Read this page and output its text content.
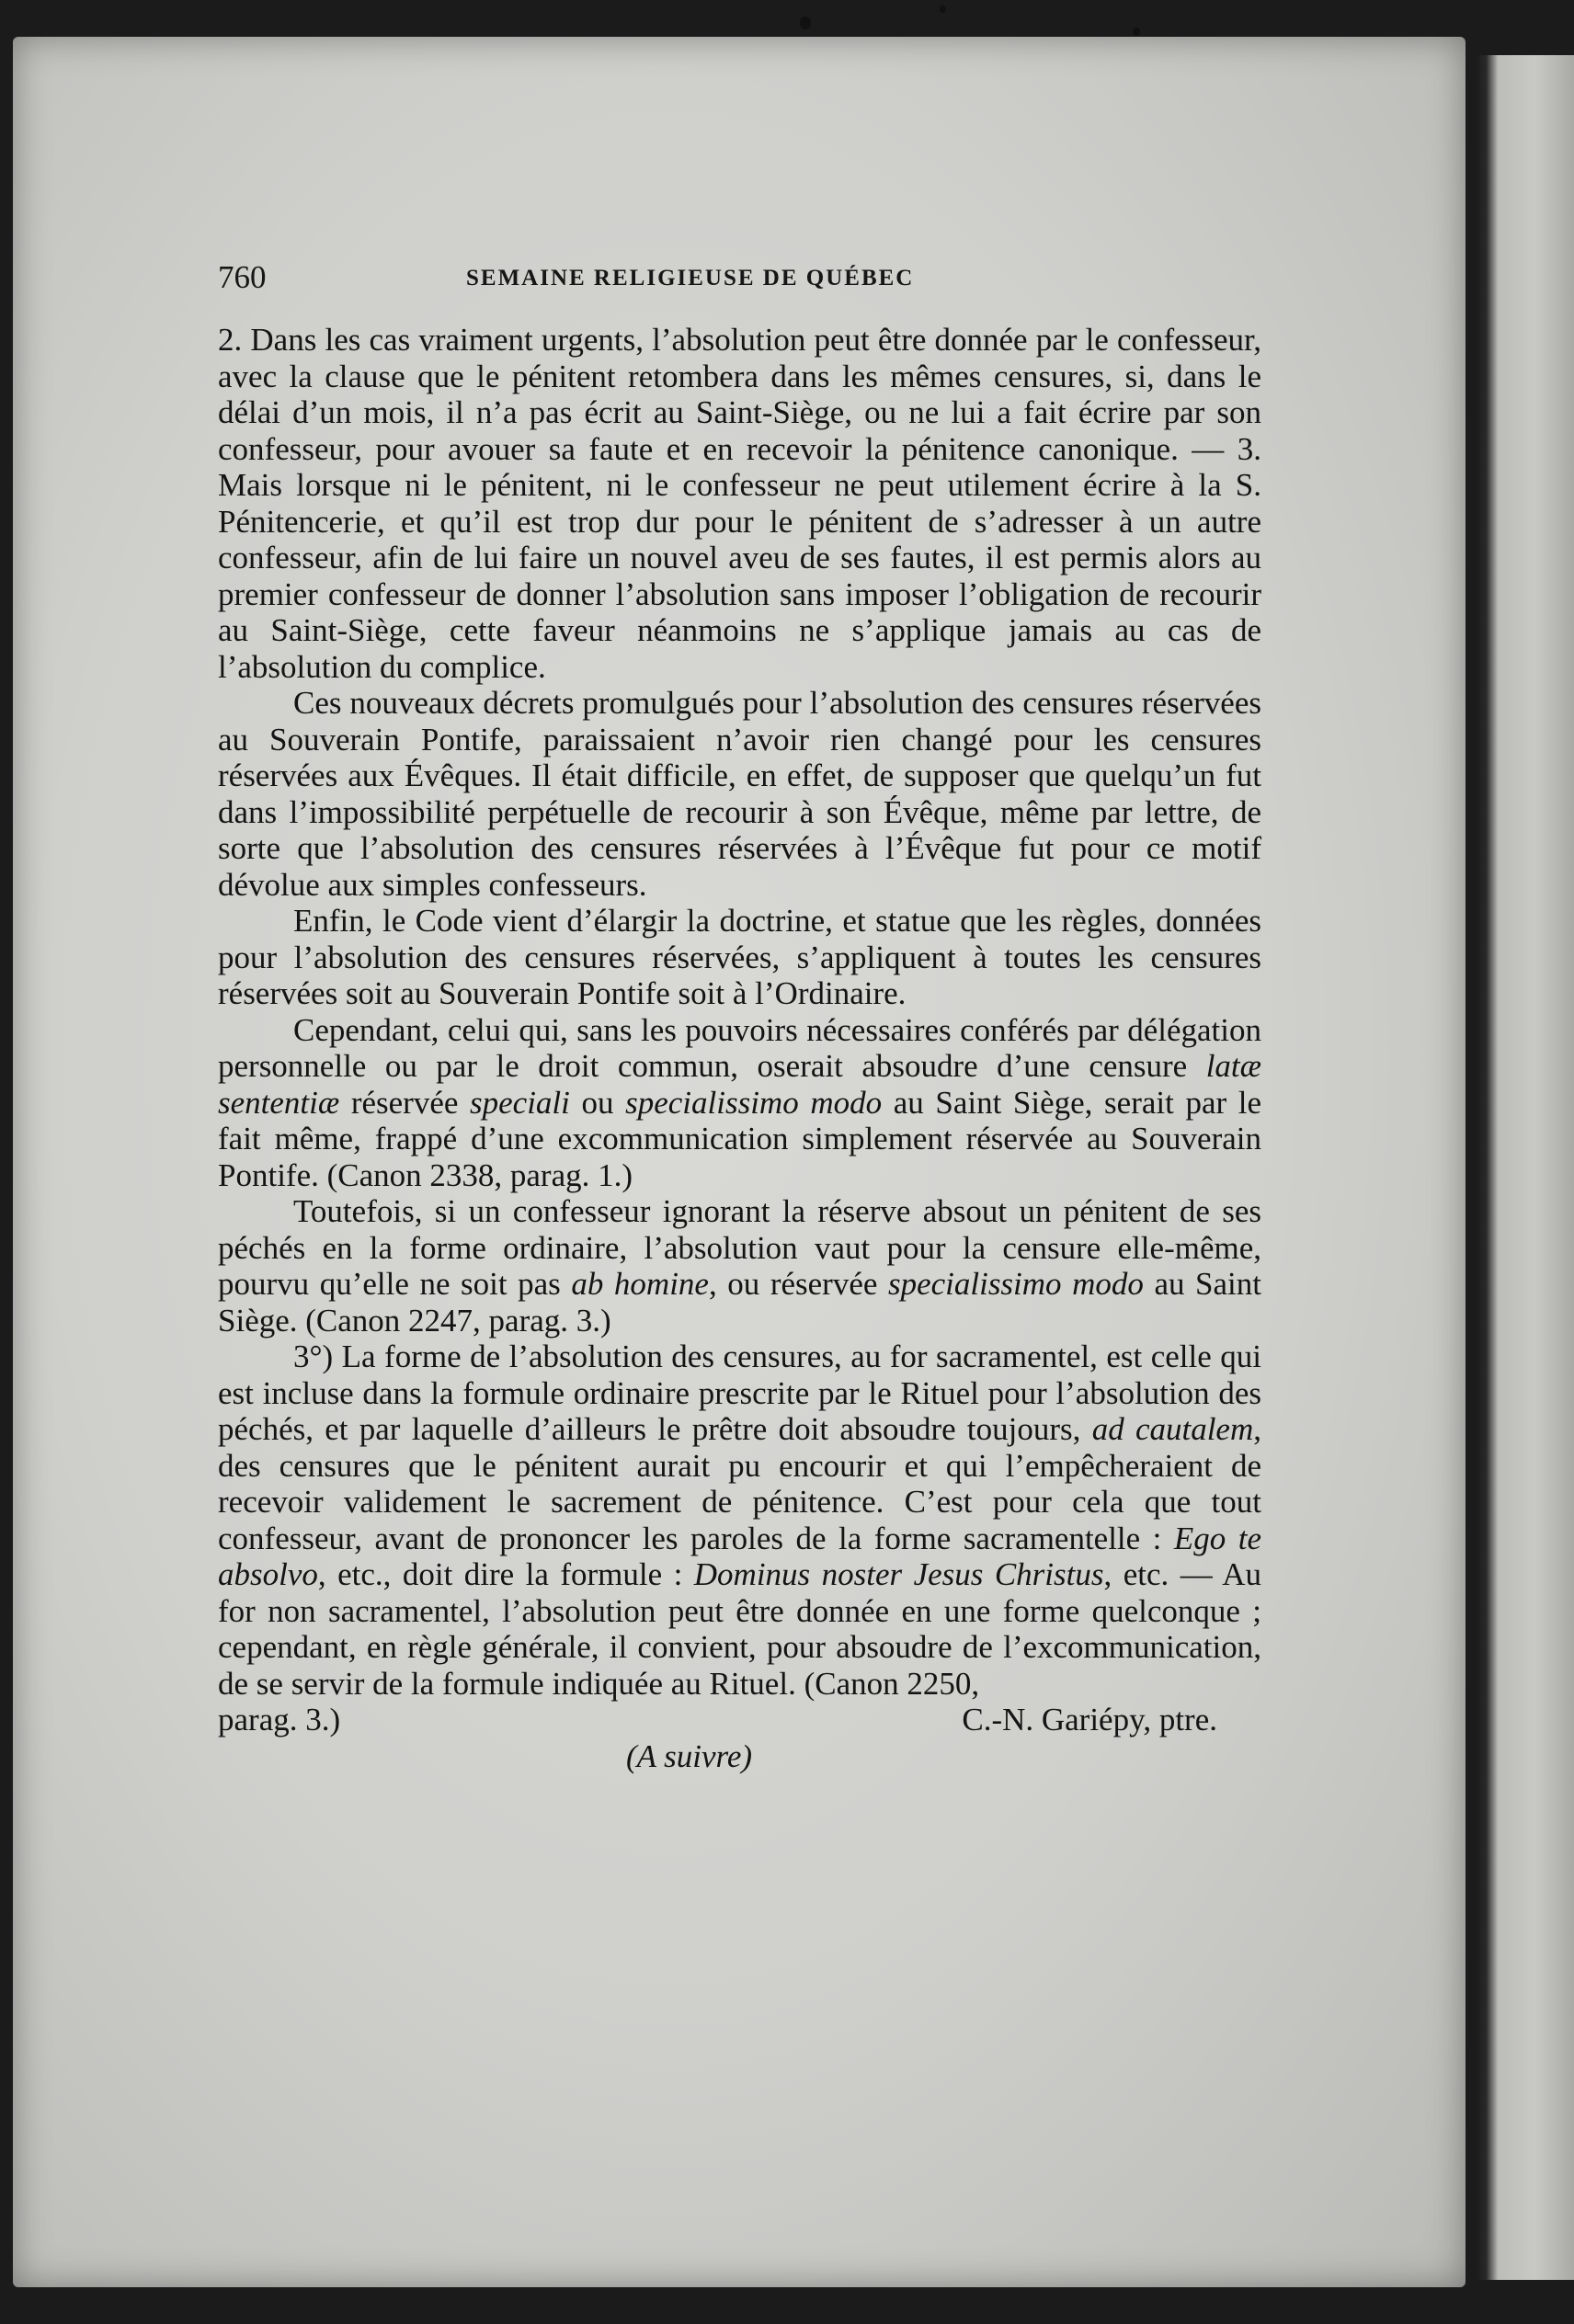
760	SEMAINE RELIGIEUSE DE QUÉBEC

2. Dans les cas vraiment urgents, l’absolution peut être donnée par le confesseur, avec la clause que le pénitent retombera dans les mêmes censures, si, dans le délai d’un mois, il n’a pas écrit au Saint-Siège, ou ne lui a fait écrire par son confesseur, pour avouer sa faute et en recevoir la pénitence canonique. — 3. Mais lorsque ni le pénitent, ni le confesseur ne peut utilement écrire à la S. Pénitencerie, et qu’il est trop dur pour le pénitent de s’adresser à un autre confesseur, afin de lui faire un nouvel aveu de ses fautes, il est permis alors au premier confesseur de donner l’absolution sans imposer l’obligation de recourir au Saint-Siège, cette faveur néanmoins ne s’applique jamais au cas de l’absolution du complice.

Ces nouveaux décrets promulgués pour l’absolution des censures réservées au Souverain Pontife, paraissaient n’avoir rien changé pour les censures réservées aux Évêques. Il était difficile, en effet, de supposer que quelqu’un fut dans l’impossibilité perpétuelle de recourir à son Évêque, même par lettre, de sorte que l’absolution des censures réservées à l’Évêque fut pour ce motif dévolue aux simples confesseurs.

Enfin, le Code vient d’élargir la doctrine, et statue que les règles, données pour l’absolution des censures réservées, s’appliquent à toutes les censures réservées soit au Souverain Pontife soit à l’Ordinaire.

Cependant, celui qui, sans les pouvoirs nécessaires conférés par délégation personnelle ou par le droit commun, oserait absoudre d’une censure latæ sententiæ réservée speciali ou specialissimo modo au Saint Siège, serait par le fait même, frappé d’une excommunication simplement réservée au Souverain Pontife. (Canon 2338, parag. 1.)

Toutefois, si un confesseur ignorant la réserve absout un pénitent de ses péchés en la forme ordinaire, l’absolution vaut pour la censure elle-même, pourvu qu’elle ne soit pas ab homine, ou réservée specialissimo modo au Saint Siège. (Canon 2247, parag. 3.)

3°) La forme de l’absolution des censures, au for sacramentel, est celle qui est incluse dans la formule ordinaire prescrite par le Rituel pour l’absolution des péchés, et par laquelle d’ailleurs le prêtre doit absoudre toujours, ad cautalem, des censures que le pénitent aurait pu encourir et qui l’empêcheraient de recevoir validement le sacrement de pénitence. C’est pour cela que tout confesseur, avant de prononcer les paroles de la forme sacramentelle : Ego te absolvo, etc., doit dire la formule : Dominus noster Jesus Christus, etc. — Au for non sacramentel, l’absolution peut être donnée en une forme quelconque ; cependant, en règle générale, il convient, pour absoudre de l’excommunication, de se servir de la formule indiquée au Rituel. (Canon 2250,

parag. 3.)	C.-N. Gariépy, ptre.

(A suivre)
